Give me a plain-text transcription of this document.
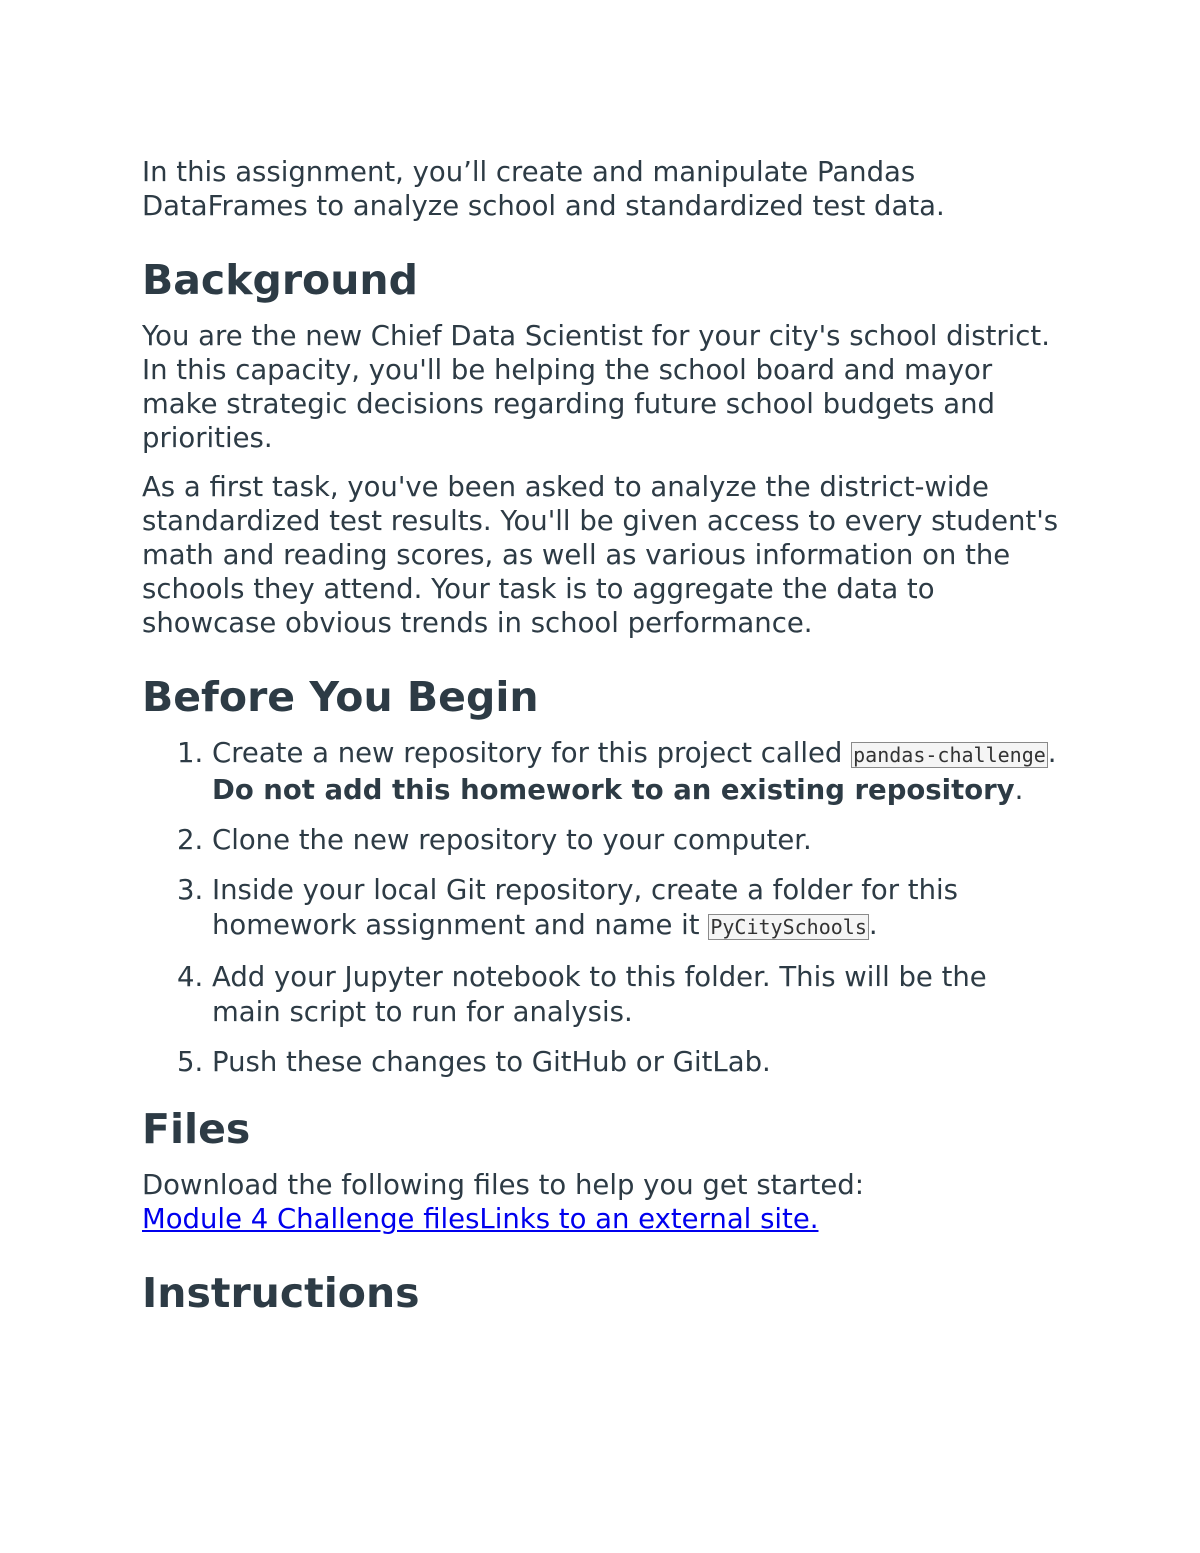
In this assignment, you’ll create and manipulate Pandas DataFrames to analyze school and standardized test data.

Background

You are the new Chief Data Scientist for your city's school district. In this capacity, you'll be helping the school board and mayor make strategic decisions regarding future school budgets and priorities.

As a first task, you've been asked to analyze the district-wide standardized test results. You'll be given access to every student's math and reading scores, as well as various information on the schools they attend. Your task is to aggregate the data to showcase obvious trends in school performance.

Before You Begin
1. Create a new repository for this project called pandas-challenge. Do not add this homework to an existing repository.
2. Clone the new repository to your computer.
3. Inside your local Git repository, create a folder for this homework assignment and name it PyCitySchools.
4. Add your Jupyter notebook to this folder. This will be the main script to run for analysis.
5. Push these changes to GitHub or GitLab.
Files

Download the following files to help you get started:
Module 4 Challenge filesLinks to an external site.

Instructions
